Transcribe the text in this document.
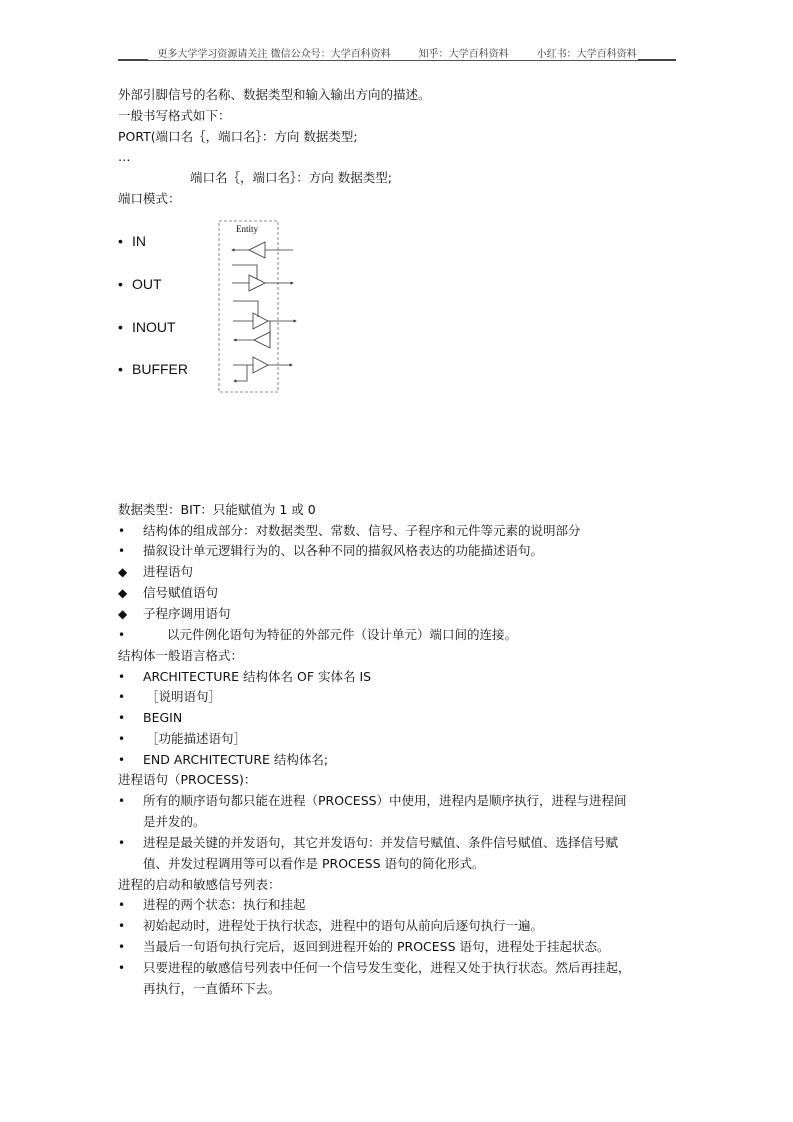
更多大学学习资源请关注 微信公众号：大学百科资料	知乎：大学百科资料	小红书：大学百科资料
外部引脚信号的名称、数据类型和输入输出方向的描述。
一般书写格式如下：
PORT(端口名｛，端口名｝：方向 数据类型;
…
端口名｛，端口名｝：方向 数据类型;
端口模式：
• IN
• OUT
• INOUT
• BUFFER
Entity
数据类型：BIT：只能赋值为 1 或 0
• 结构体的组成部分：对数据类型、常数、信号、子程序和元件等元素的说明部分
• 描叙设计单元逻辑行为的、以各种不同的描叙风格表达的功能描述语句。
◆ 进程语句
◆ 信号赋值语句
◆ 子程序调用语句
•	以元件例化语句为特征的外部元件（设计单元）端口间的连接。
结构体一般语言格式：
• ARCHITECTURE 结构体名 OF 实体名 IS
• ［说明语句］
• BEGIN
• ［功能描述语句］
• END ARCHITECTURE 结构体名;
进程语句（PROCESS)：
• 所有的顺序语句都只能在进程（PROCESS）中使用，进程内是顺序执行，进程与进程间
是并发的。
• 进程是最关键的并发语句，其它并发语句：并发信号赋值、条件信号赋值、选择信号赋
值、并发过程调用等可以看作是 PROCESS 语句的简化形式。
进程的启动和敏感信号列表：
• 进程的两个状态：执行和挂起
• 初始起动时，进程处于执行状态，进程中的语句从前向后逐句执行一遍。
• 当最后一句语句执行完后，返回到进程开始的 PROCESS 语句，进程处于挂起状态。
• 只要进程的敏感信号列表中任何一个信号发生变化，进程又处于执行状态。然后再挂起，
再执行，一直循环下去。
